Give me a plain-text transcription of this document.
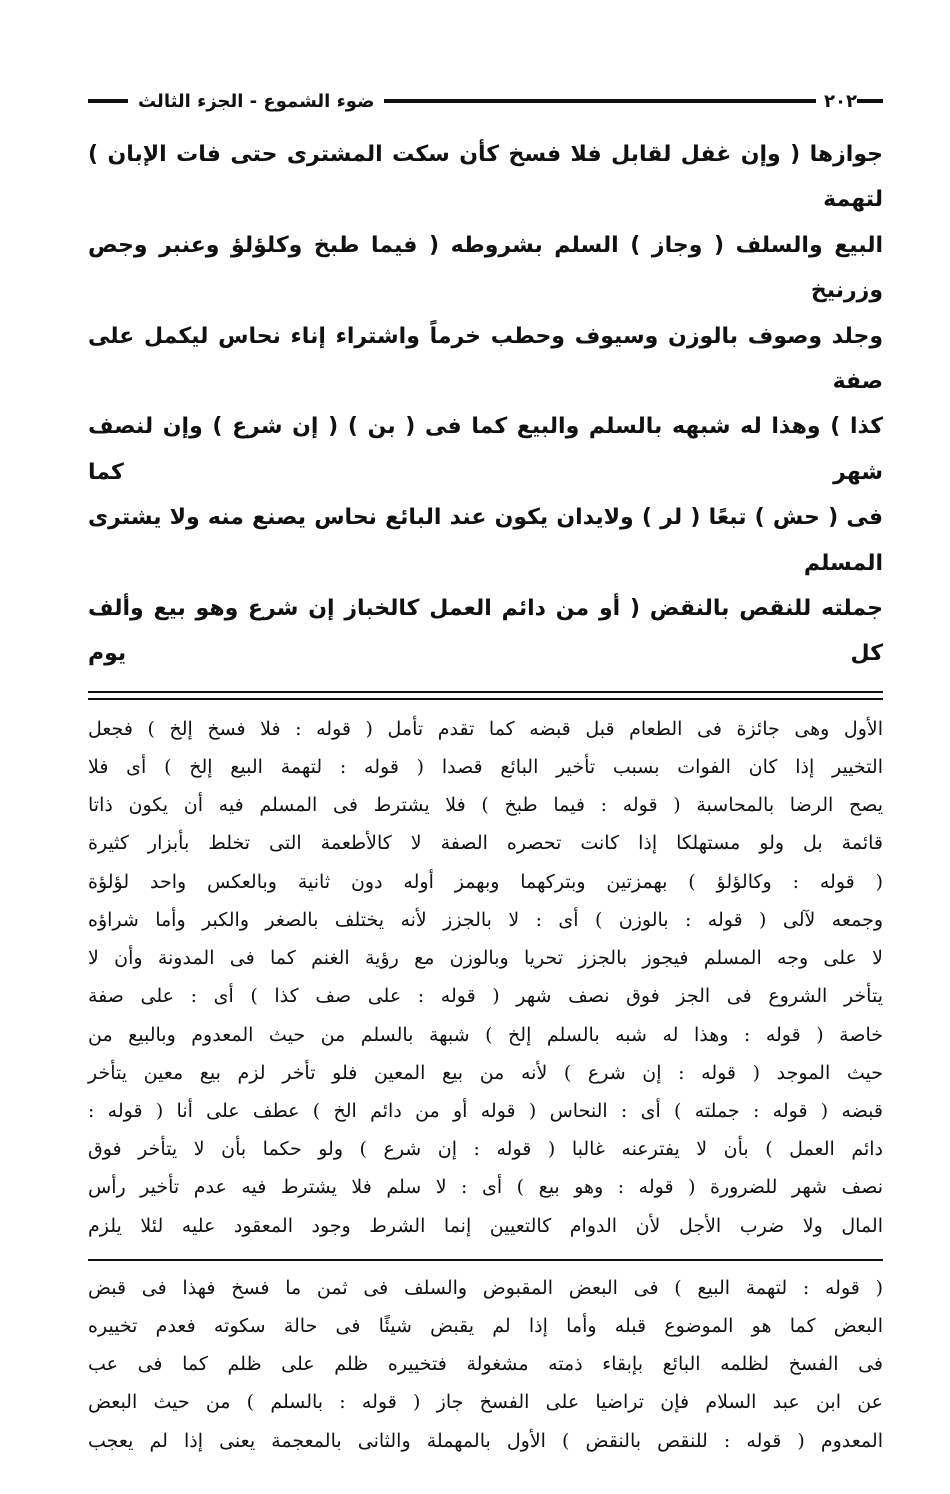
٢٠٢
ضوء الشموع - الجزء الثالث

جوازها ( وإن غفل لقابل فلا فسخ كأن سكت المشترى حتى فات الإبان ) لتهمة

البيع والسلف ( وجاز ) السلم بشروطه ( فيما طبخ وكلؤلؤ وعنبر وجص وزرنيخ

وجلد وصوف بالوزن وسيوف وحطب خرماً واشتراء إناء نحاس ليكمل على صفة

كذا ) وهذا له شبهه بالسلم والبيع كما فى ( بن ) ( إن شرع ) وإن لنصف شهر كما

فى ( حش ) تبعًا ( لر ) ولايدان يكون عند البائع نحاس يصنع منه ولا يشترى المسلم

جملته للنقص بالنقض ( أو من دائم العمل كالخباز إن شرع وهو بيع وألف كل يوم

الأول وهى جائزة فى الطعام قبل قبضه كما تقدم تأمل ( قوله : فلا فسخ إلخ ) فجعل

التخيير إذا كان الفوات بسبب تأخير البائع قصدا ( قوله : لتهمة البيع إلخ ) أى فلا

يصح الرضا بالمحاسبة ( قوله : فيما طبخ ) فلا يشترط فى المسلم فيه أن يكون ذاتا

قائمة بل ولو مستهلكا إذا كانت تحصره الصفة لا كالأطعمة التى تخلط بأبزار كثيرة

( قوله : وكالؤلؤ ) بهمزتين وبتركهما وبهمز أوله دون ثانية وبالعكس واحد لؤلؤة

وجمعه لآلى ( قوله : بالوزن ) أى : لا بالجزز لأنه يختلف بالصغر والكبر وأما شراؤه

لا على وجه المسلم فيجوز بالجزز تحريا وبالوزن مع رؤية الغنم كما فى المدونة وأن لا

يتأخر الشروع فى الجز فوق نصف شهر ( قوله : على صف كذا ) أى : على صفة

خاصة ( قوله : وهذا له شبه بالسلم إلخ ) شبهة بالسلم من حيث المعدوم وبالبيع من

حيث الموجد ( قوله : إن شرع ) لأنه من بيع المعين فلو تأخر لزم بيع معين يتأخر

قبضه ( قوله : جملته ) أى : النحاس ( قوله أو من دائم الخ ) عطف على أنا ( قوله :

دائم العمل ) بأن لا يفترعنه غالبا ( قوله : إن شرع ) ولو حكما بأن لا يتأخر فوق

نصف شهر للضرورة ( قوله : وهو بيع ) أى : لا سلم فلا يشترط فيه عدم تأخير رأس

المال ولا ضرب الأجل لأن الدوام كالتعيين إنما الشرط وجود المعقود عليه لئلا يلزم

( قوله : لتهمة البيع ) فى البعض المقبوض والسلف فى ثمن ما فسخ فهذا فى قبض

البعض كما هو الموضوع قبله وأما إذا لم يقبض شيئًا فى حالة سكوته فعدم تخييره

فى الفسخ لظلمه البائع بإبقاء ذمته مشغولة فتخييره ظلم على ظلم كما فى عب

عن ابن عبد السلام فإن تراضيا على الفسخ جاز ( قوله : بالسلم ) من حيث البعض

المعدوم ( قوله : للنقص بالنقض ) الأول بالمهملة والثانى بالمعجمة يعنى إذا لم يعجب
